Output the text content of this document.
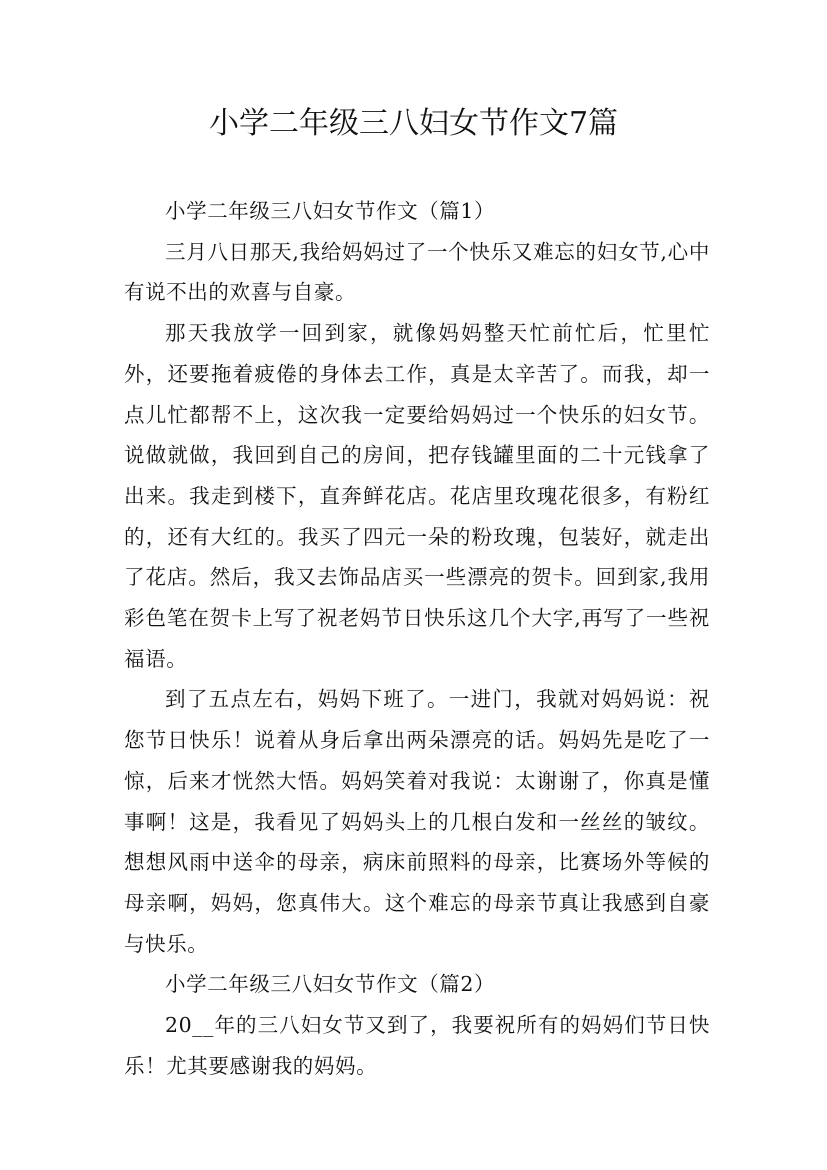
小学二年级三八妇女节作文7篇

小学二年级三八妇女节作文（篇1）

三月八日那天,我给妈妈过了一个快乐又难忘的妇女节,心中有说不出的欢喜与自豪。

那天我放学一回到家，就像妈妈整天忙前忙后，忙里忙外，还要拖着疲倦的身体去工作，真是太辛苦了。而我，却一点儿忙都帮不上，这次我一定要给妈妈过一个快乐的妇女节。说做就做，我回到自己的房间，把存钱罐里面的二十元钱拿了出来。我走到楼下，直奔鲜花店。花店里玫瑰花很多，有粉红的，还有大红的。我买了四元一朵的粉玫瑰，包装好，就走出了花店。然后，我又去饰品店买一些漂亮的贺卡。回到家,我用彩色笔在贺卡上写了祝老妈节日快乐这几个大字,再写了一些祝福语。

到了五点左右，妈妈下班了。一进门，我就对妈妈说：祝您节日快乐！说着从身后拿出两朵漂亮的话。妈妈先是吃了一惊，后来才恍然大悟。妈妈笑着对我说：太谢谢了，你真是懂事啊！这是，我看见了妈妈头上的几根白发和一丝丝的皱纹。想想风雨中送伞的母亲，病床前照料的母亲，比赛场外等候的母亲啊，妈妈，您真伟大。这个难忘的母亲节真让我感到自豪与快乐。

小学二年级三八妇女节作文（篇2）

20__年的三八妇女节又到了，我要祝所有的妈妈们节日快乐！尤其要感谢我的妈妈。
